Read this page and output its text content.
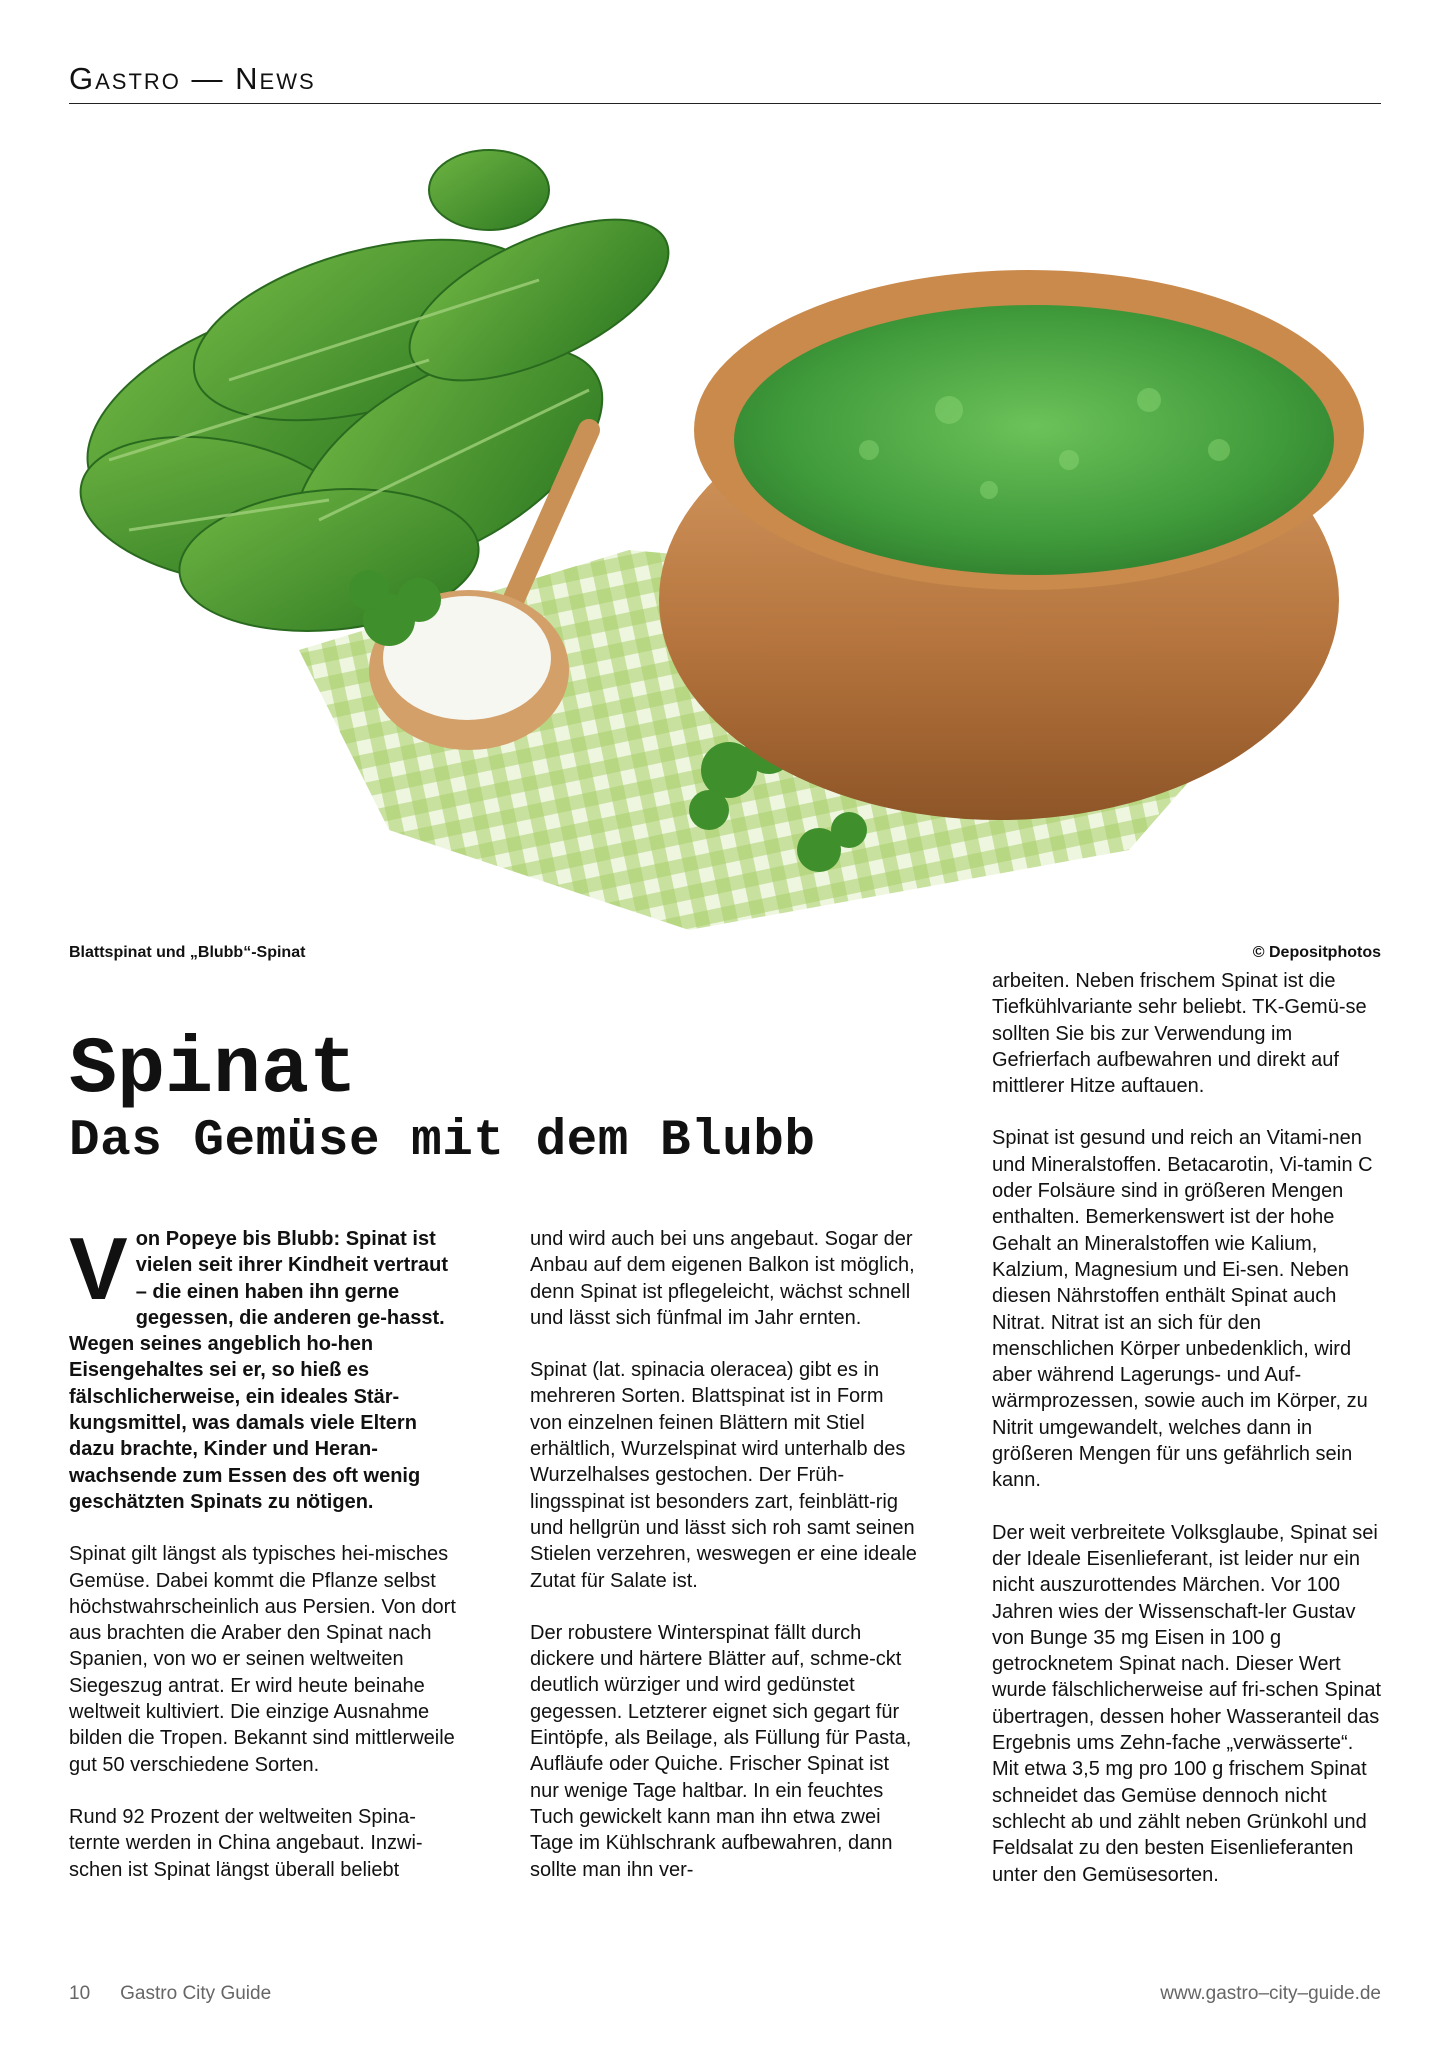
GASTRO — NEWS
Blattspinat und „Blubb“-Spinat	© Depositphotos
Spinat
Das Gemüse mit dem Blubb

Von Popeye bis Blubb: Spinat ist vielen seit ihrer Kindheit vertraut – die einen haben ihn gerne gegessen, die anderen ge-hasst. Wegen seines angeblich ho-hen Eisengehaltes sei er, so hieß es fälschlicherweise, ein ideales Stär-kungsmittel, was damals viele Eltern dazu brachte, Kinder und Heran-wachsende zum Essen des oft wenig geschätzten Spinats zu nötigen.

Spinat gilt längst als typisches hei-misches Gemüse. Dabei kommt die Pflanze selbst höchstwahrscheinlich aus Persien. Von dort aus brachten die Araber den Spinat nach Spanien, von wo er seinen weltweiten Siegeszug antrat. Er wird heute beinahe weltweit kultiviert. Die einzige Ausnahme bilden die Tropen. Bekannt sind mittlerweile gut 50 verschiedene Sorten.

Rund 92 Prozent der weltweiten Spina-ternte werden in China angebaut. Inzwi-schen ist Spinat längst überall beliebt

und wird auch bei uns angebaut. Sogar der Anbau auf dem eigenen Balkon ist möglich, denn Spinat ist pflegeleicht, wächst schnell und lässt sich fünfmal im Jahr ernten.

Spinat (lat. spinacia oleracea) gibt es in mehreren Sorten. Blattspinat ist in Form von einzelnen feinen Blättern mit Stiel erhältlich, Wurzelspinat wird unterhalb des Wurzelhalses gestochen. Der Früh-lingsspinat ist besonders zart, feinblätt-rig und hellgrün und lässt sich roh samt seinen Stielen verzehren, weswegen er eine ideale Zutat für Salate ist.

Der robustere Winterspinat fällt durch dickere und härtere Blätter auf, schme-ckt deutlich würziger und wird gedünstet gegessen. Letzterer eignet sich gegart für Eintöpfe, als Beilage, als Füllung für Pasta, Aufläufe oder Quiche. Frischer Spinat ist nur wenige Tage haltbar. In ein feuchtes Tuch gewickelt kann man ihn etwa zwei Tage im Kühlschrank aufbewahren, dann sollte man ihn ver-

arbeiten. Neben frischem Spinat ist die Tiefkühlvariante sehr beliebt. TK-Gemü-se sollten Sie bis zur Verwendung im Gefrierfach aufbewahren und direkt auf mittlerer Hitze auftauen.

Spinat ist gesund und reich an Vitami-nen und Mineralstoffen. Betacarotin, Vi-tamin C oder Folsäure sind in größeren Mengen enthalten. Bemerkenswert ist der hohe Gehalt an Mineralstoffen wie Kalium, Kalzium, Magnesium und Ei-sen. Neben diesen Nährstoffen enthält Spinat auch Nitrat. Nitrat ist an sich für den menschlichen Körper unbedenklich, wird aber während Lagerungs- und Auf-wärmprozessen, sowie auch im Körper, zu Nitrit umgewandelt, welches dann in größeren Mengen für uns gefährlich sein kann.

Der weit verbreitete Volksglaube, Spinat sei der Ideale Eisenlieferant, ist leider nur ein nicht auszurottendes Märchen. Vor 100 Jahren wies der Wissenschaft-ler Gustav von Bunge 35 mg Eisen in 100 g getrocknetem Spinat nach. Dieser Wert wurde fälschlicherweise auf fri-schen Spinat übertragen, dessen hoher Wasseranteil das Ergebnis ums Zehn-fache „verwässerte“. Mit etwa 3,5 mg pro 100 g frischem Spinat schneidet das Gemüse dennoch nicht schlecht ab und zählt neben Grünkohl und Feldsalat zu den besten Eisenlieferanten unter den Gemüsesorten.

10 Gastro City Guide	www.gastro–city–guide.de
